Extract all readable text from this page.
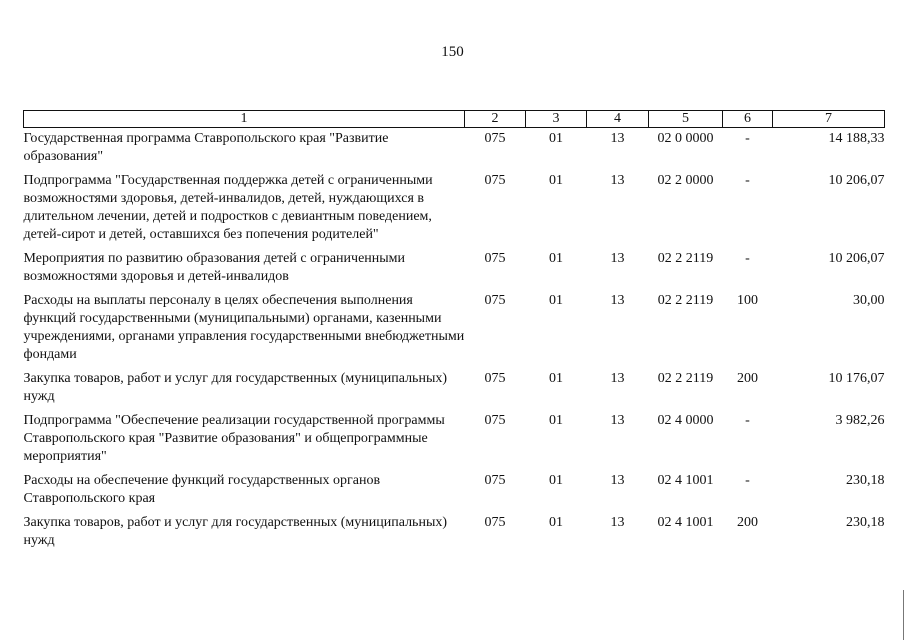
150
1	2	3	4	5	6	7
Государственная программа Ставропольского края "Развитие образования"	075	01	13	02 0 0000	-	14 188,33
Подпрограмма "Государственная поддержка детей с ограниченными возможностями здоровья, детей-инвалидов, детей, нуждающихся в длительном лечении, детей и подростков с девиантным поведением, детей-сирот и детей, оставшихся без попечения родителей"	075	01	13	02 2 0000	-	10 206,07
Мероприятия по развитию образования детей с ограниченными возможностями здоровья и детей-инвалидов	075	01	13	02 2 2119	-	10 206,07
Расходы на выплаты персоналу в целях обеспечения выполнения функций государственными (муниципальными) органами, казенными учреждениями, органами управления государственными внебюджетными фондами	075	01	13	02 2 2119	100	30,00
Закупка товаров, работ и услуг для государственных (муниципальных) нужд	075	01	13	02 2 2119	200	10 176,07
Подпрограмма "Обеспечение реализации государственной программы Ставропольского края "Развитие образования" и общепрограммные мероприятия"	075	01	13	02 4 0000	-	3 982,26
Расходы на обеспечение функций государственных органов Ставропольского края	075	01	13	02 4 1001	-	230,18
Закупка товаров, работ и услуг для государственных (муниципальных) нужд	075	01	13	02 4 1001	200	230,18
